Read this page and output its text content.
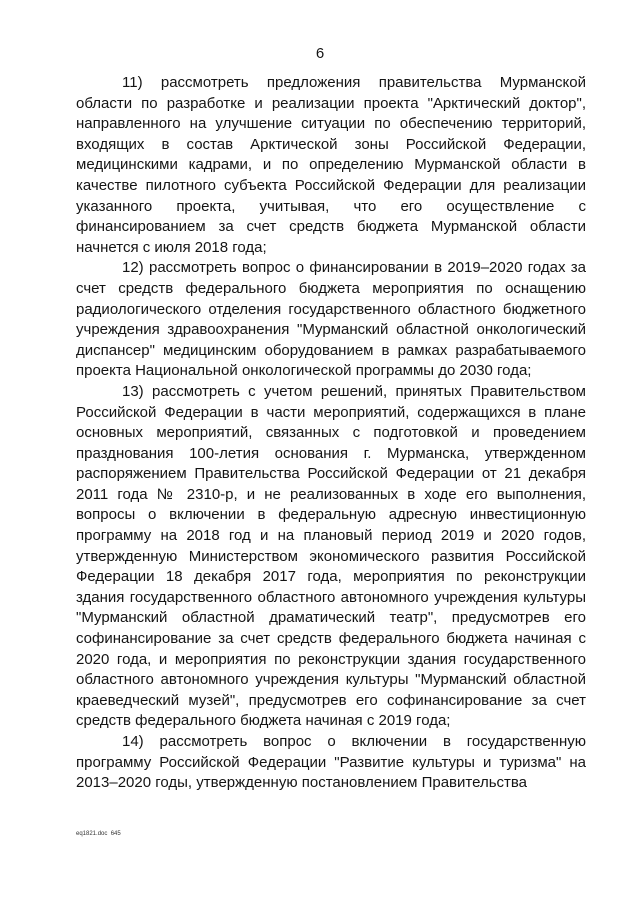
6

11) рассмотреть предложения правительства Мурманской области по разработке и реализации проекта "Арктический доктор", направленного на улучшение ситуации по обеспечению территорий, входящих в состав Арктической зоны Российской Федерации, медицинскими кадрами, и по определению Мурманской области в качестве пилотного субъекта Российской Федерации для реализации указанного проекта, учитывая, что его осуществление с финансированием за счет средств бюджета Мурманской области начнется с июля 2018 года;

12) рассмотреть вопрос о финансировании в 2019–2020 годах за счет средств федерального бюджета мероприятия по оснащению радиологического отделения государственного областного бюджетного учреждения здравоохранения "Мурманский областной онкологический диспансер" медицинским оборудованием в рамках разрабатываемого проекта Национальной онкологической программы до 2030 года;

13) рассмотреть с учетом решений, принятых Правительством Российской Федерации в части мероприятий, содержащихся в плане основных мероприятий, связанных с подготовкой и проведением празднования 100-летия основания г. Мурманска, утвержденном распоряжением Правительства Российской Федерации от 21 декабря 2011 года № 2310-р, и не реализованных в ходе его выполнения, вопросы о включении в федеральную адресную инвестиционную программу на 2018 год и на плановый период 2019 и 2020 годов, утвержденную Министерством экономического развития Российской Федерации 18 декабря 2017 года, мероприятия по реконструкции здания государственного областного автономного учреждения культуры "Мурманский областной драматический театр", предусмотрев его софинансирование за счет средств федерального бюджета начиная с 2020 года, и мероприятия по реконструкции здания государственного областного автономного учреждения культуры "Мурманский областной краеведческий музей", предусмотрев его софинансирование за счет средств федерального бюджета начиная с 2019 года;

14) рассмотреть вопрос о включении в государственную программу Российской Федерации "Развитие культуры и туризма" на 2013–2020 годы, утвержденную постановлением Правительства

eq1821.doc 645
